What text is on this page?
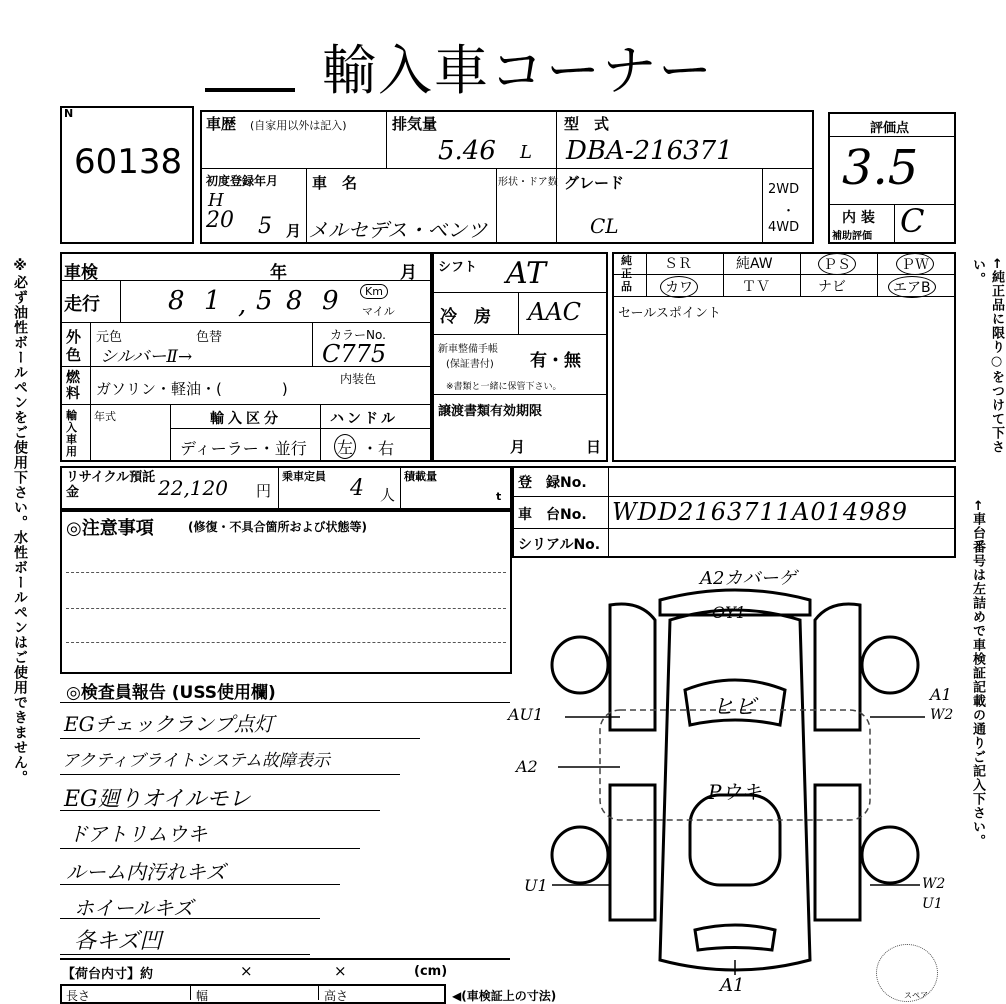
輸入車コーナー
※必ず油性ボールペンをご使用下さい。水性ボールペンはご使用できません。	←純正品に限り○をつけて下さい。
←車台番号は左詰めで車検証記載の通りご記入下さい。
N
60138
車歴 (自家用以外は記入)	排気量
5.46 L
型　式
DBA-216371
初度登録年月
H
20 5 月
車　名
メルセデス・ベンツ
形状・ドア数 グレード
CL
2WD
・
4WD
評価点
3.5
内 装
補助評価 C
車検	年	月
走行	8 1 , 5 8 9	Km
マイル
外色
元色	色替
シルバーⅡ→
カラーNo.
C775
燃料 ガソリン・軽油・(　　　　)
内装色
輸入車用
年式	輸入区分
ディーラー・並行
ハンドル
左 ・右
シフト AT
冷　房 AAC
新車整備手帳
(保証書付) 有・無
※書類と一緒に保管下さい。
譲渡書類有効期限
月	日
純正品
ＳＲ	純AW	ＰＳ	ＰＷ
カワ	ＴＶ	ナビ	エアB
セールスポイント
リサイクル預託金	22,120 円
乗車定員 4 人
積載量
t
登　録No.
車　台No. WDD2163711A014989
シリアルNo.
◎注意事項	(修復・不具合箇所および状態等)
◎検査員報告 (USS使用欄)
EGチェックランプ点灯
アクティブライトシステム故障表示
EG廻りオイルモレ
ドアトリムウキ
ルーム内汚れキズ
ホイールキズ
各キズ凹
A2カバーゲ
OY1
ヒビ
Pウキ
AU1
A2
A1
W2
U1	W2
U1
A1	スペア
【荷台内寸】約	×	×	(cm)
長さ	幅	高さ	◀(車検証上の寸法)
